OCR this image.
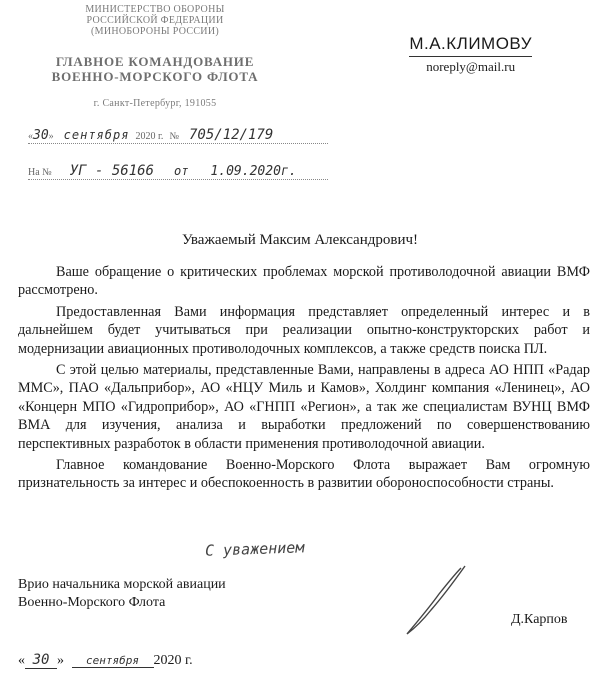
МИНИСТЕРСТВО ОБОРОНЫ
РОССИЙСКОЙ ФЕДЕРАЦИИ
(МИНОБОРОНЫ РОССИИ)
ГЛАВНОЕ КОМАНДОВАНИЕ
ВОЕННО-МОРСКОГО ФЛОТА
г. Санкт-Петербург, 191055
«30» сентября 2020 г. № 705/12/179
На № УГ - 56166 от 1.09.2020г.
М.А.КЛИМОВУ
noreply@mail.ru
Уважаемый Максим Александрович!

Ваше обращение о критических проблемах морской противолодочной авиации ВМФ рассмотрено.

Предоставленная Вами информация представляет определенный интерес и в дальнейшем будет учитываться при реализации опытно-конструкторских работ и модернизации авиационных противолодочных комплексов, а также средств поиска ПЛ.

С этой целью материалы, представленные Вами, направлены в адреса АО НПП «Радар ММС», ПАО «Дальприбор», АО «НЦУ Миль и Камов», Холдинг компания «Ленинец», АО «Концерн МПО «Гидроприбор», АО «ГНПП «Регион», а так же специалистам ВУНЦ ВМФ ВМА для изучения, анализа и выработки предложений по совершенствованию перспективных разработок в области применения противолодочной авиации.

Главное командование Военно-Морского Флота выражает Вам огромную признательность за интерес и обеспокоенность в развитии обороноспособности страны.

С уважением
Врио начальника морской авиации
Военно-Морского Флота
Д.Карпов
« 30 » сентября 2020 г.
